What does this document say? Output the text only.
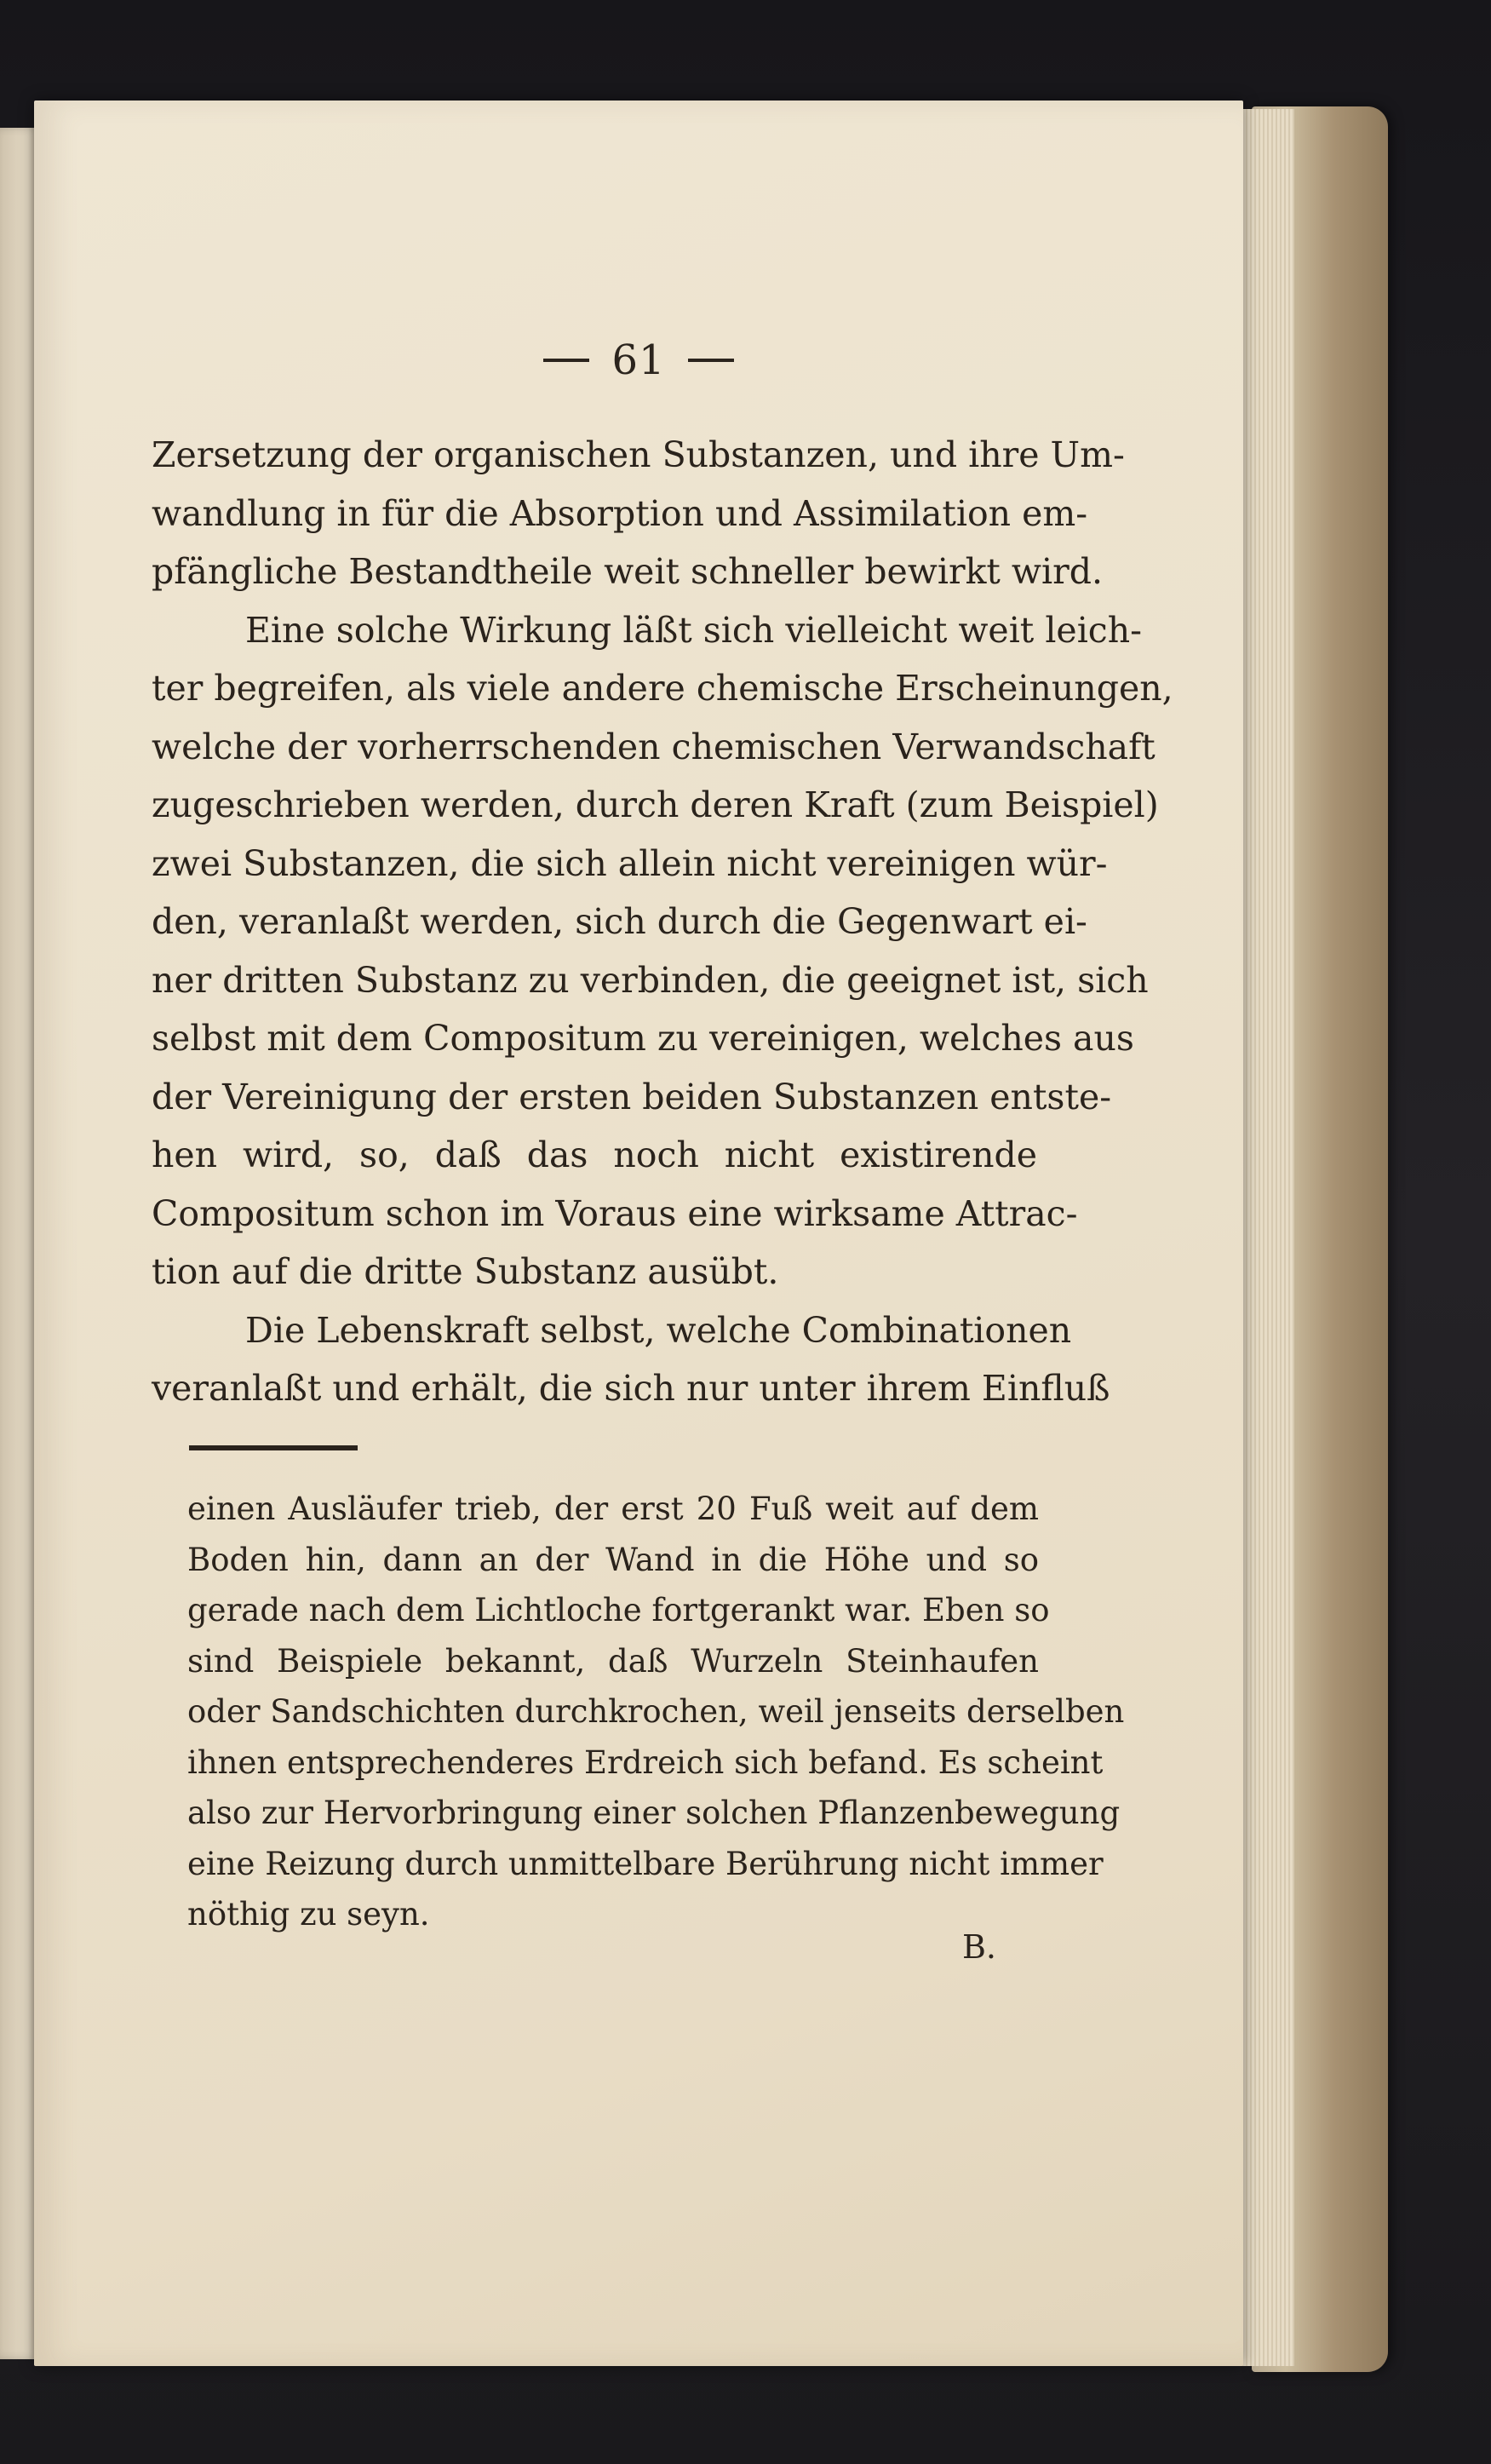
61
Zersetzung der organischen Substanzen, und ihre Um-
wandlung in für die Absorption und Assimilation em-
pfängliche Bestandtheile weit schneller bewirkt wird.
Eine solche Wirkung läßt sich vielleicht weit leich-
ter begreifen, als viele andere chemische Erscheinungen,
welche der vorherrschenden chemischen Verwandschaft
zugeschrieben werden, durch deren Kraft (zum Beispiel)
zwei Substanzen, die sich allein nicht vereinigen wür-
den, veranlaßt werden, sich durch die Gegenwart ei-
ner dritten Substanz zu verbinden, die geeignet ist, sich
selbst mit dem Compositum zu vereinigen, welches aus
der Vereinigung der ersten beiden Substanzen entste-
hen wird, so, daß das noch nicht existirende
Compositum schon im Voraus eine wirksame Attrac-
tion auf die dritte Substanz ausübt.
Die Lebenskraft selbst, welche Combinationen
veranlaßt und erhält, die sich nur unter ihrem Einfluß
einen Ausläufer trieb, der erst 20 Fuß weit auf dem
Boden hin, dann an der Wand in die Höhe und so
gerade nach dem Lichtloche fortgerankt war. Eben so
sind Beispiele bekannt, daß Wurzeln Steinhaufen
oder Sandschichten durchkrochen, weil jenseits derselben
ihnen entsprechenderes Erdreich sich befand. Es scheint
also zur Hervorbringung einer solchen Pflanzenbewegung
eine Reizung durch unmittelbare Berührung nicht immer
nöthig zu seyn.
B.
